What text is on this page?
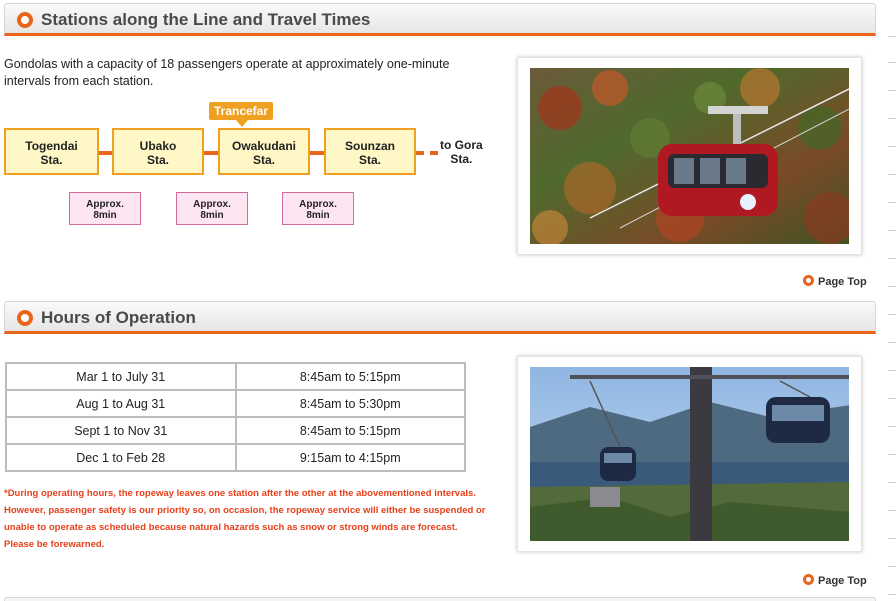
Stations along the Line and Travel Times
Gondolas with a capacity of 18 passengers operate at approximately one-minute intervals from each station.
Trancefar
Togendai
Sta.
Ubako
Sta.
Owakudani
Sta.
Sounzan
Sta.
to Gora
Sta.
Approx.
8min
Approx.
8min
Approx.
8min
Page Top
Hours of Operation
Mar 1 to July 31	8:45am to 5:15pm
Aug 1 to Aug 31	8:45am to 5:30pm
Sept 1 to Nov 31	8:45am to 5:15pm
Dec 1 to Feb 28	9:15am to 4:15pm
*During operating hours, the ropeway leaves one station after the other at the abovementioned intervals. However, passenger safety is our priority so, on occasion, the ropeway service will either be suspended or unable to operate as scheduled because natural hazards such as snow or strong winds are forecast. Please be forewarned.
Page Top
